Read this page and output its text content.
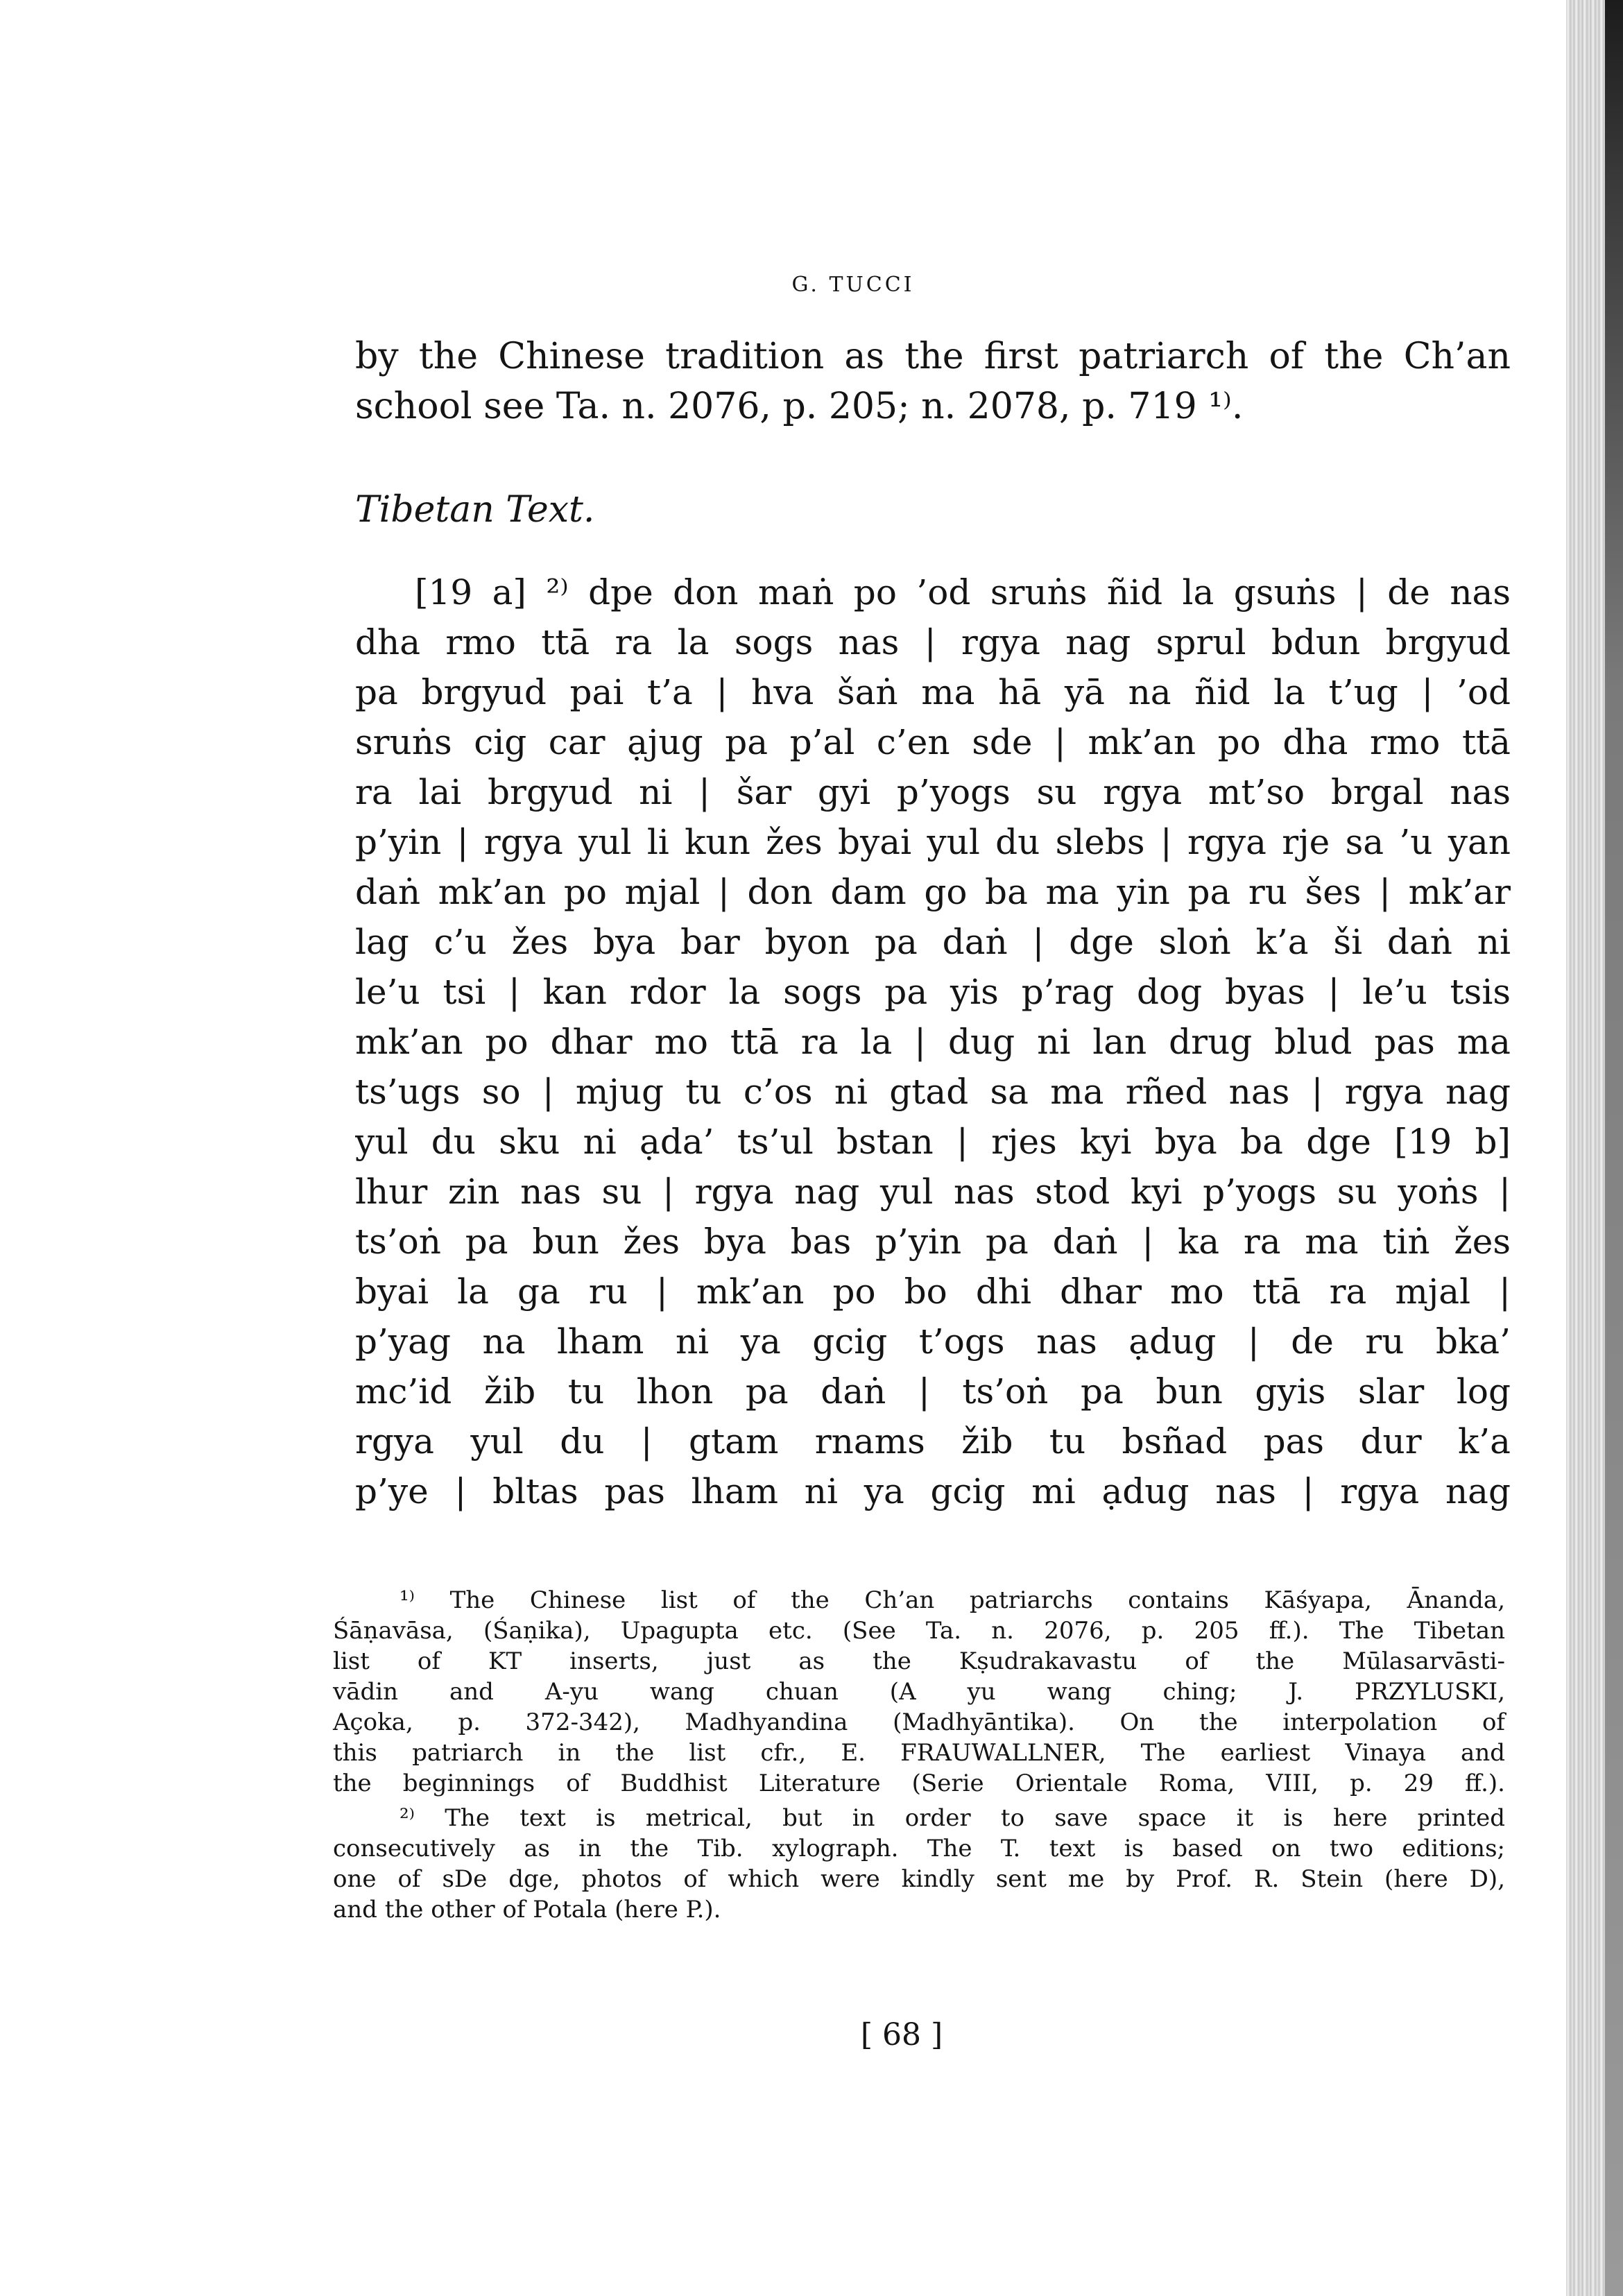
G. TUCCI
by the Chinese tradition as the first patriarch of the Ch’an
school see Ta. n. 2076, p. 205; n. 2078, p. 719 ¹⁾.
Tibetan Text.
[19 a] ²⁾ dpe don maṅ po ’od sruṅs ñid la gsuṅs | de nas
dha rmo ttā ra la sogs nas | rgya nag sprul bdun brgyud
pa brgyud pai t’a | hva šaṅ ma hā yā na ñid la t’ug | ’od
sruṅs cig car ạjug pa p’al c’en sde | mk’an po dha rmo ttā
ra lai brgyud ni | šar gyi p’yogs su rgya mt’so brgal nas
p’yin | rgya yul li kun žes byai yul du slebs | rgya rje sa ’u yan
daṅ mk’an po mjal | don dam go ba ma yin pa ru šes | mk’ar
lag c’u žes bya bar byon pa daṅ | dge sloṅ k’a ši daṅ ni
le’u tsi | kan rdor la sogs pa yis p’rag dog byas | le’u tsis
mk’an po dhar mo ttā ra la | dug ni lan drug blud pas ma
ts’ugs so | mjug tu c’os ni gtad sa ma rñed nas | rgya nag
yul du sku ni ạda’ ts’ul bstan | rjes kyi bya ba dge [19 b]
lhur zin nas su | rgya nag yul nas stod kyi p’yogs su yoṅs |
ts’oṅ pa bun žes bya bas p’yin pa daṅ | ka ra ma tiṅ žes
byai la ga ru | mk’an po bo dhi dhar mo ttā ra mjal |
p’yag na lham ni ya gcig t’ogs nas ạdug | de ru bka’
mc’id žib tu lhon pa daṅ | ts’oṅ pa bun gyis slar log
rgya yul du | gtam rnams žib tu bsñad pas dur k’a
p’ye | bltas pas lham ni ya gcig mi ạdug nas | rgya nag
¹⁾ The Chinese list of the Ch’an patriarchs contains Kāśyapa, Ānanda,
Śāṇavāsa, (Śaṇika), Upagupta etc. (See Ta. n. 2076, p. 205 ff.). The Tibetan
list of KT inserts, just as the Kṣudrakavastu of the Mūlasarvāsti-
vādin and A-yu wang chuan (A yu wang ching; J. PRZYLUSKI,
Açoka, p. 372-342), Madhyandina (Madhyāntika). On the interpolation of
this patriarch in the list cfr., E. FRAUWALLNER, The earliest Vinaya and
the beginnings of Buddhist Literature (Serie Orientale Roma, VIII, p. 29 ff.).
²⁾ The text is metrical, but in order to save space it is here printed
consecutively as in the Tib. xylograph. The T. text is based on two editions;
one of sDe dge, photos of which were kindly sent me by Prof. R. Stein (here D),
and the other of Potala (here P.).
[ 68 ]
